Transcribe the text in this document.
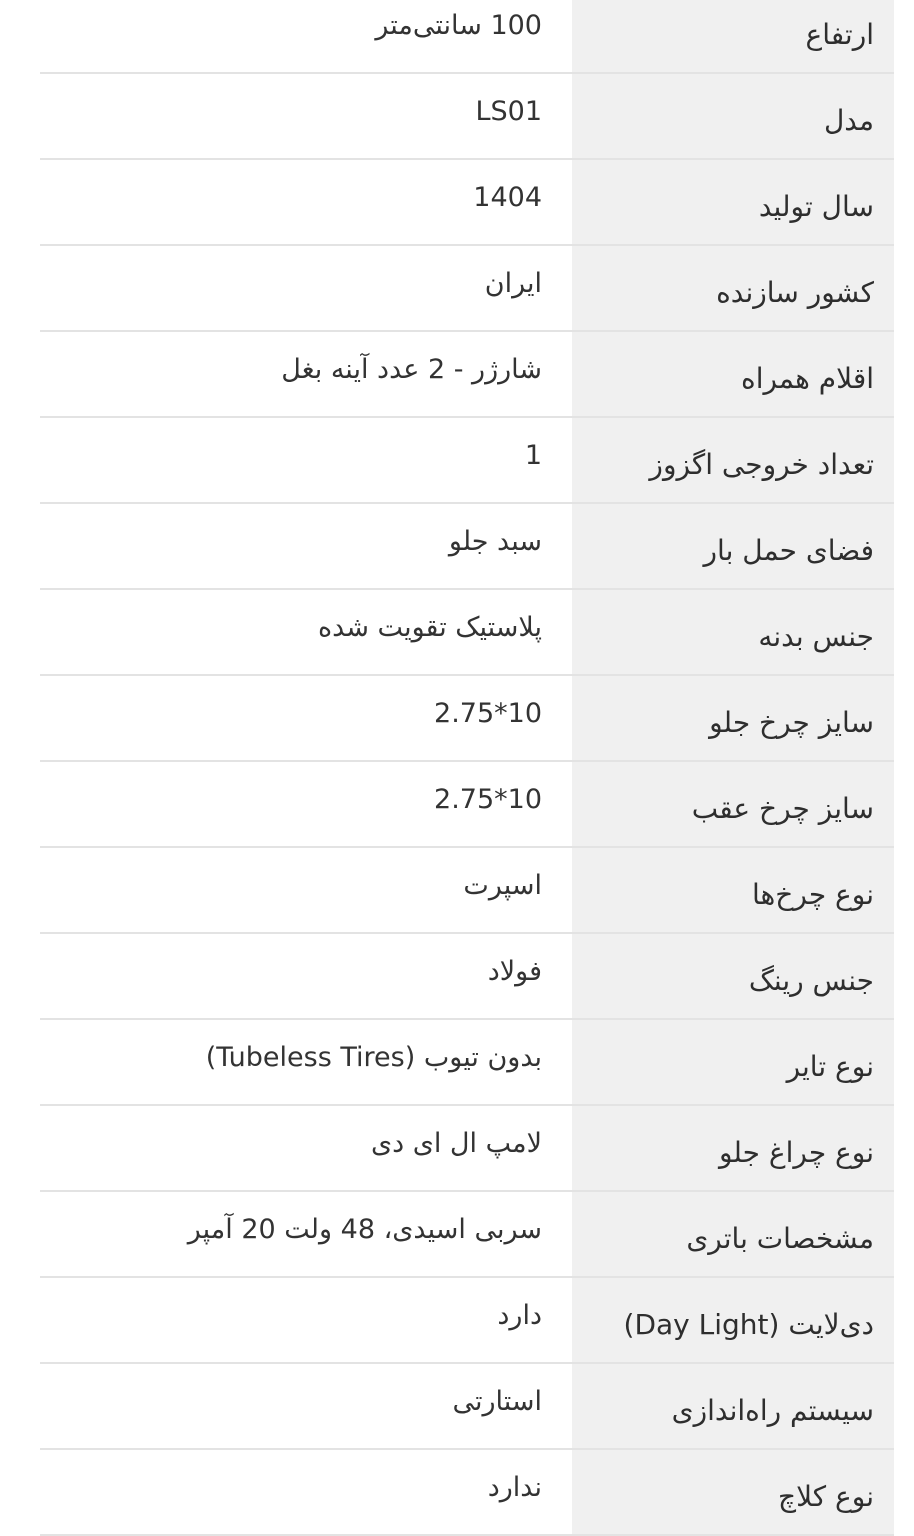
ارتفاع
100 سانتی‌متر
مدل
LS01
سال تولید
1404
کشور سازنده
ایران
اقلام همراه
شارژر - 2 عدد آینه بغل
تعداد خروجی اگزوز
1
فضای حمل بار
سبد جلو
جنس بدنه
پلاستیک تقویت شده
سایز چرخ جلو
10*2.75
سایز چرخ عقب
10*2.75
نوع چرخ‌ها
اسپرت
جنس رینگ
فولاد
نوع تایر
بدون تیوب (Tubeless Tires)
نوع چراغ جلو
لامپ ال ای دی
مشخصات باتری
سربی اسیدی، 48 ولت 20 آمپر
دی‌لایت (Day Light)
دارد
سیستم راه‌اندازی
استارتی
نوع کلاچ
ندارد
